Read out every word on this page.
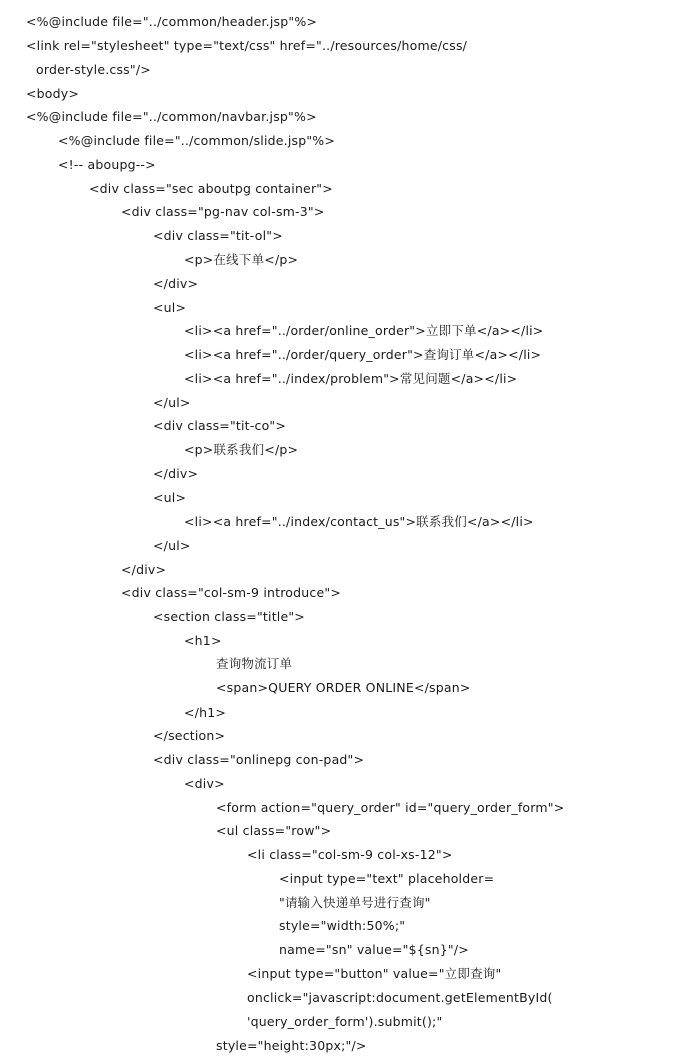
<%@include file="../common/header.jsp"%>
<link rel="stylesheet" type="text/css" href="../resources/home/css/
order-style.css"/>
<body>
<%@include file="../common/navbar.jsp"%>
<%@include file="../common/slide.jsp"%>
<!-- aboupg-->
<div class="sec aboutpg container">
<div class="pg-nav col-sm-3">
<div class="tit-ol">
<p>在线下单</p>
</div>
<ul>
<li><a href="../order/online_order">立即下单</a></li>
<li><a href="../order/query_order">查询订单</a></li>
<li><a href="../index/problem">常见问题</a></li>
</ul>
<div class="tit-co">
<p>联系我们</p>
</div>
<ul>
<li><a href="../index/contact_us">联系我们</a></li>
</ul>
</div>
<div class="col-sm-9 introduce">
<section class="title">
<h1>
查询物流订单
<span>QUERY ORDER ONLINE</span>
</h1>
</section>
<div class="onlinepg con-pad">
<div>
<form action="query_order" id="query_order_form">
<ul class="row">
<li class="col-sm-9 col-xs-12">
<input type="text" placeholder=
"请输入快递单号进行查询"
style="width:50%;"
name="sn" value="${sn}"/>
<input type="button" value="立即查询"
onclick="javascript:document.getElementById(
'query_order_form').submit();"
style="height:30px;"/>
